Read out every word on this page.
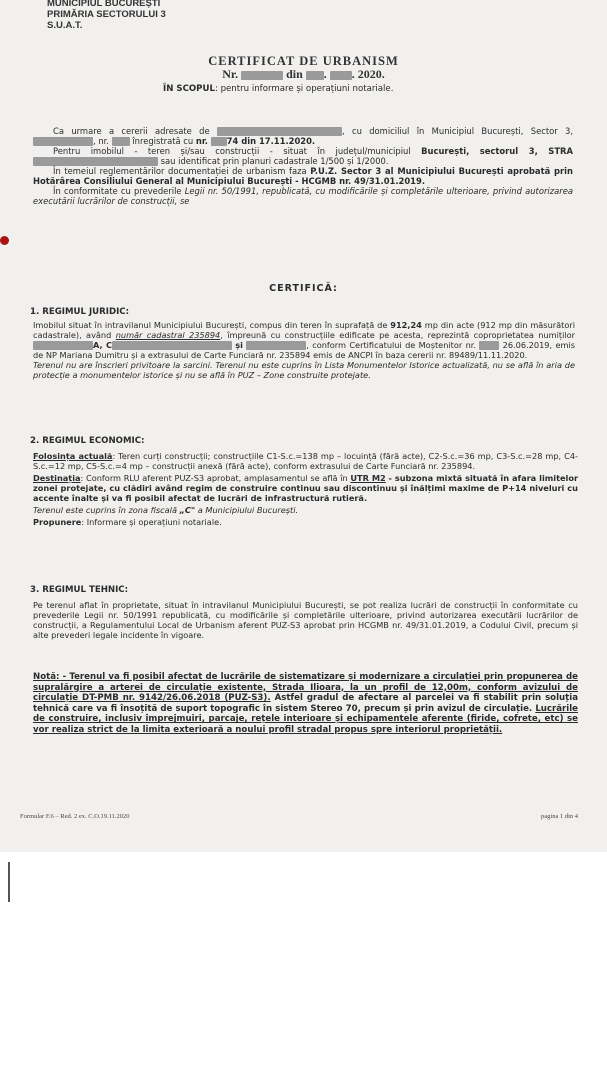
MUNICIPIUL BUCUREȘTI
PRIMĂRIA SECTORULUI 3
S.U.A.T.
CERTIFICAT DE URBANISM
Nr.	din . . 2020.
ÎN SCOPUL: pentru informare și operațiuni notariale.

Ca urmare a cererii adresate de	, cu domiciliul în Municipiul București, Sector 3, , nr.	înregistrată cu nr. 74 din 17.11.2020.

Pentru imobilul - teren și/sau construcții - situat în județul/municipiul București, sectorul 3, STRA sau identificat prin planuri cadastrale 1/500 și 1/2000.

În temeiul reglementărilor documentației de urbanism faza P.U.Z. Sector 3 al Municipiului București aprobată prin Hotărârea Consiliului General al Municipiului București - HCGMB nr. 49/31.01.2019.

În conformitate cu prevederile Legii nr. 50/1991, republicată, cu modificările și completările ulterioare, privind autorizarea executării lucrărilor de construcții, se

CERTIFICĂ:
1. REGIMUL JURIDIC:
Imobilul situat în intravilanul Municipiului București, compus din teren în suprafață de 912,24 mp din acte (912 mp din măsurători cadastrale), având număr cadastral 235894, împreună cu construcțiile edificate pe acesta, reprezintă coproprietatea numiților A, C	și	, conform Certificatului de Moștenitor nr.	26.06.2019, emis de NP Mariana Dumitru și a extrasului de Carte Funciară nr. 235894 emis de ANCPI în baza cererii nr. 89489/11.11.2020.
Terenul nu are înscrieri privitoare la sarcini. Terenul nu este cuprins în Lista Monumentelor Istorice actualizată, nu se află în aria de protecție a monumentelor istorice și nu se află în PUZ – Zone construite protejate.
2. REGIMUL ECONOMIC:
Folosința actuală: Teren curți construcții; construcțiile C1-S.c.=138 mp – locuință (fără acte), C2-S.c.=36 mp, C3-S.c.=28 mp, C4-S.c.=12 mp, C5-S.c.=4 mp – construcții anexă (fără acte), conform extrasului de Carte Funciară nr. 235894.
Destinația: Conform RLU aferent PUZ-S3 aprobat, amplasamentul se află în UTR M2 - subzona mixtă situată în afara limitelor zonei protejate, cu clădiri având regim de construire continuu sau discontinuu și înălțimi maxime de P+14 niveluri cu accente înalte și va fi posibil afectat de lucrări de infrastructură rutieră.
Terenul este cuprins în zona fiscală „C" a Municipiului București.
Propunere: Informare și operațiuni notariale.
3. REGIMUL TEHNIC:
Pe terenul aflat în proprietate, situat în intravilanul Municipiului București, se pot realiza lucrări de construcții în conformitate cu prevederile Legii nr. 50/1991 republicată, cu modificările și completările ulterioare, privind autorizarea executării lucrărilor de construcții, a Regulamentului Local de Urbanism aferent PUZ-S3 aprobat prin HCGMB nr. 49/31.01.2019, a Codului Civil, precum și alte prevederi legale incidente în vigoare.
Notă: - Terenul va fi posibil afectat de lucrările de sistematizare și modernizare a circulației prin propunerea de supralărgire a arterei de circulație existente, Strada Ilioara, la un profil de 12,00m, conform avizului de circulație DT-PMB nr. 9142/26.06.2018 (PUZ-S3). Astfel gradul de afectare al parcelei va fi stabilit prin soluția tehnică care va fi însoțită de suport topografic în sistem Stereo 70, precum și prin avizul de circulație. Lucrările de construire, inclusiv împrejmuiri, parcaje, rețele interioare și echipamentele aferente (firide, cofrete, etc) se vor realiza strict de la limita exterioară a noului profil stradal propus spre interiorul proprietății.
Formular F.6 – Red. 2 ex. C.O.19.11.2020	pagina 1 din 4
